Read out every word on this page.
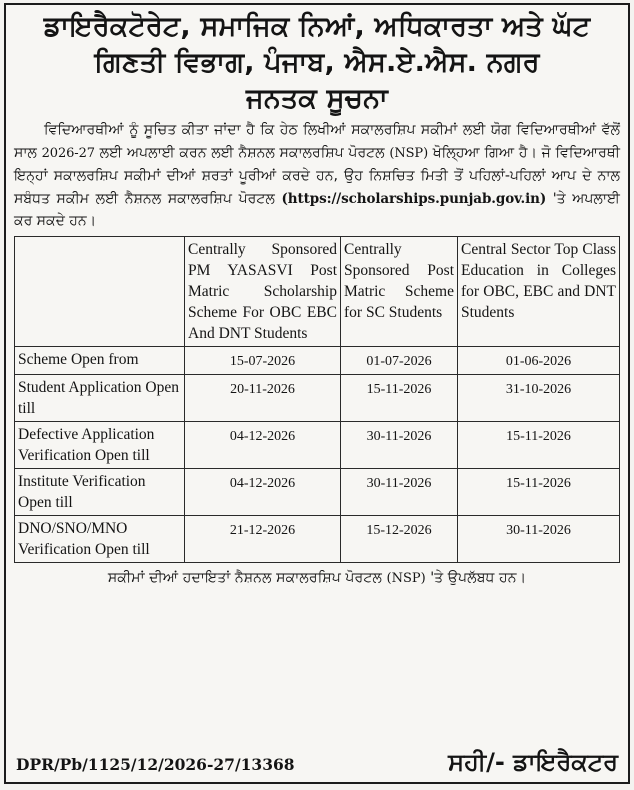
ਡਾਇਰੈਕਟੋਰੇਟ, ਸਮਾਜਿਕ ਨਿਆਂ, ਅਧਿਕਾਰਤਾ ਅਤੇ ਘੱਟ
ਗਿਣਤੀ ਵਿਭਾਗ, ਪੰਜਾਬ, ਐਸ.ਏ.ਐਸ. ਨਗਰ
ਜਨਤਕ ਸੂਚਨਾ

ਵਿਦਿਆਰਥੀਆਂ ਨੂੰ ਸੂਚਿਤ ਕੀਤਾ ਜਾਂਦਾ ਹੈ ਕਿ ਹੇਠ ਲਿਖੀਆਂ ਸਕਾਲਰਸ਼ਿਪ ਸਕੀਮਾਂ ਲਈ ਯੋਗ ਵਿਦਿਆਰਥੀਆਂ ਵੱਲੋਂ ਸਾਲ 2026-27 ਲਈ ਅਪਲਾਈ ਕਰਨ ਲਈ ਨੈਸ਼ਨਲ ਸਕਾਲਰਸ਼ਿਪ ਪੋਰਟਲ (NSP) ਖੋਲ੍ਹਿਆ ਗਿਆ ਹੈ। ਜੋ ਵਿਦਿਆਰਥੀ ਇਨ੍ਹਾਂ ਸਕਾਲਰਸ਼ਿਪ ਸਕੀਮਾਂ ਦੀਆਂ ਸ਼ਰਤਾਂ ਪੂਰੀਆਂ ਕਰਦੇ ਹਨ, ਉਹ ਨਿਸ਼ਚਿਤ ਮਿਤੀ ਤੋਂ ਪਹਿਲਾਂ-ਪਹਿਲਾਂ ਆਪ ਦੇ ਨਾਲ ਸਬੰਧਤ ਸਕੀਮ ਲਈ ਨੈਸ਼ਨਲ ਸਕਾਲਰਸ਼ਿਪ ਪੋਰਟਲ (https://scholarships.punjab.gov.in) 'ਤੇ ਅਪਲਾਈ ਕਰ ਸਕਦੇ ਹਨ।

	Centrally Sponsored PM YASASVI Post Matric Scholarship Scheme For OBC EBC And DNT Students	Centrally Sponsored Post Matric Scheme for SC Students	Central Sector Top Class Education in Colleges for OBC, EBC and DNT Students
Scheme Open from	15-07-2026	01-07-2026	01-06-2026
Student Application Open till	20-11-2026	15-11-2026	31-10-2026
Defective Application Verification Open till	04-12-2026	30-11-2026	15-11-2026
Institute Verification Open till	04-12-2026	30-11-2026	15-11-2026
DNO/SNO/MNO Verification Open till	21-12-2026	15-12-2026	30-11-2026
ਸਕੀਮਾਂ ਦੀਆਂ ਹਦਾਇਤਾਂ ਨੈਸ਼ਨਲ ਸਕਾਲਰਸ਼ਿਪ ਪੋਰਟਲ (NSP) 'ਤੇ ਉਪਲੱਬਧ ਹਨ।
DPR/Pb/1125/12/2026-27/13368	ਸਹੀ/- ਡਾਇਰੈਕਟਰ
